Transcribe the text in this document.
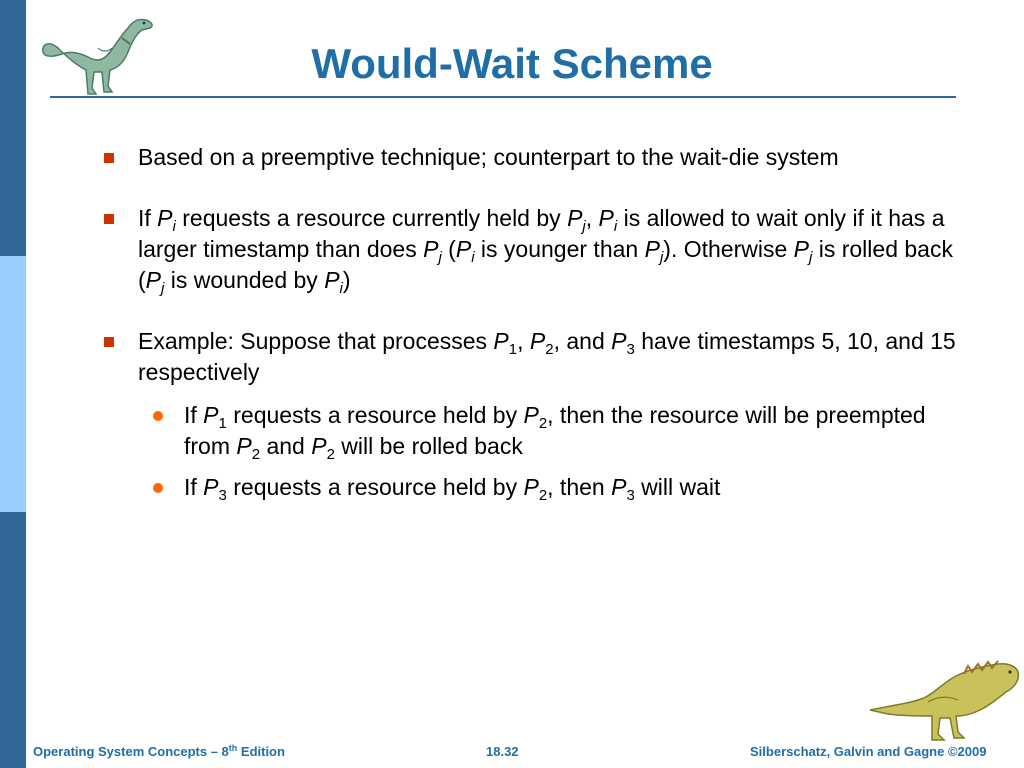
Would-Wait Scheme
Based on a preemptive technique; counterpart to the wait-die system
If $P_i$ requests a resource currently held by $P_j$, $P_i$ is allowed to wait only if it has a larger timestamp than does $P_j$ ($P_i$ is younger than $P_j$). Otherwise $P_j$ is rolled back ($P_j$ is wounded by $P_i$)
Example: Suppose that processes $P_1$, $P_2$, and $P_3$ have timestamps 5, 10, and 15 respectively
If $P_1$ requests a resource held by $P_2$, then the resource will be preempted from $P_2$ and $P_2$ will be rolled back
If $P_3$ requests a resource held by $P_2$, then $P_3$ will wait
Operating System Concepts – 8th Edition	18.32	Silberschatz, Galvin and Gagne ©2009
